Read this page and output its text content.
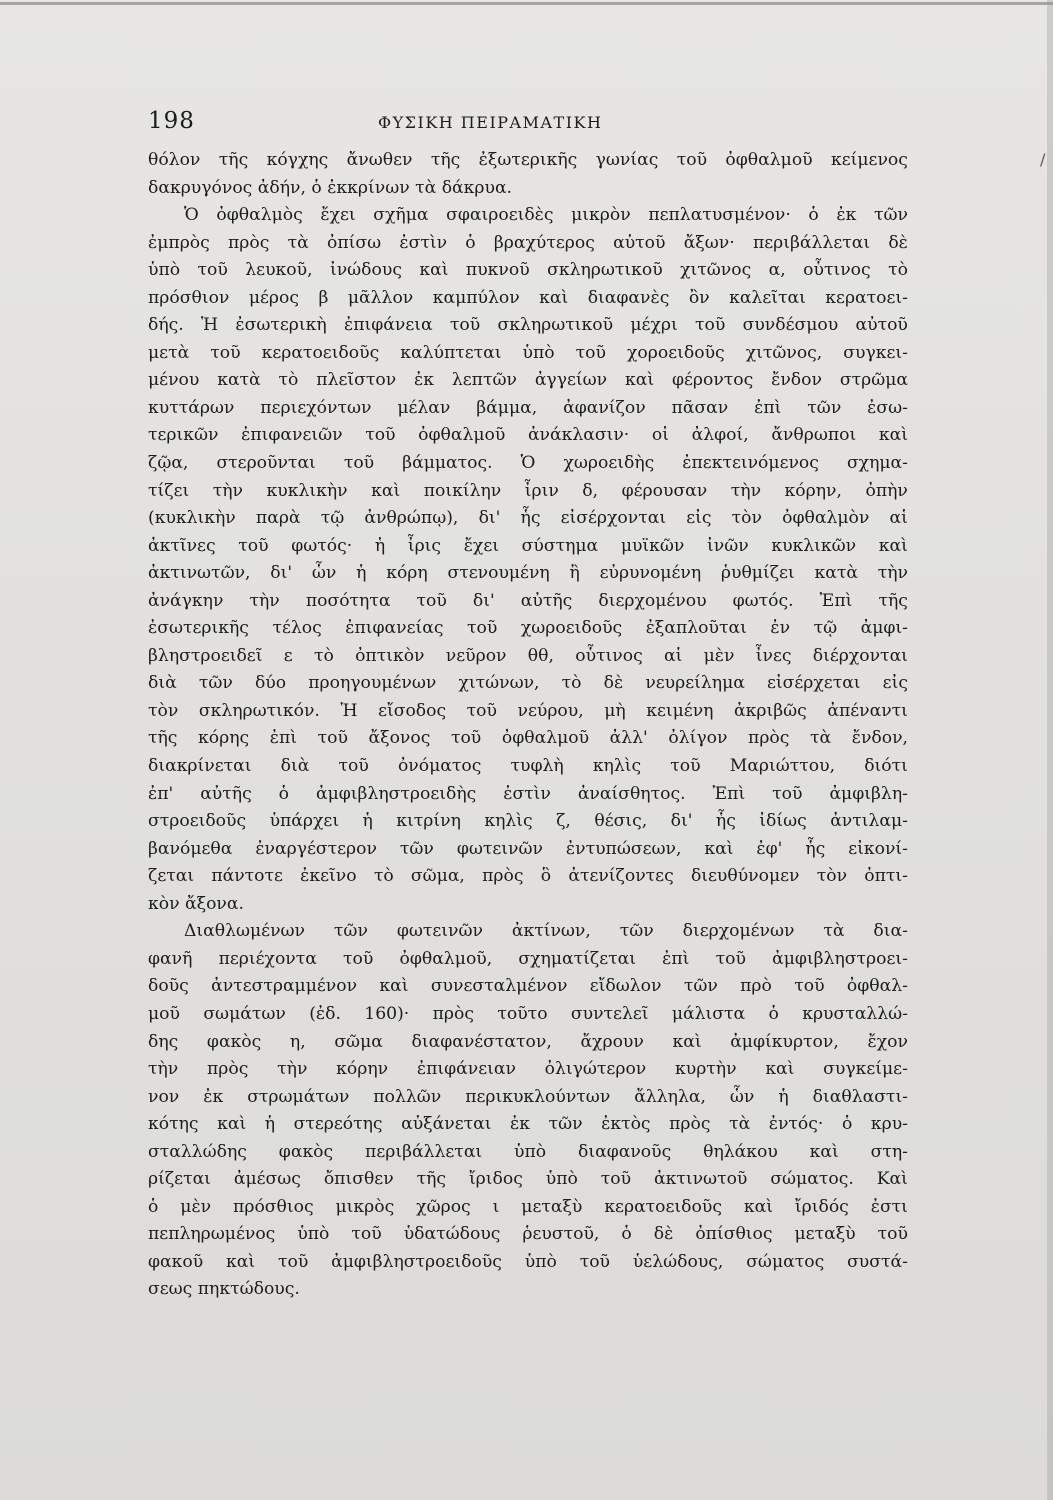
198	ΦΥΣΙΚΗ ΠΕΙΡΑΜΑΤΙΚΗ
/
θόλον τῆς κόγχης ἄνωθεν τῆς ἐξωτερικῆς γωνίας τοῦ ὀφθαλμοῦ κείμενος
δακρυγόνος ἀδήν, ὁ ἐκκρίνων τὰ δάκρυα.
Ὁ ὀφθαλμὸς ἔχει σχῆμα σφαιροειδὲς μικρὸν πεπλατυσμένον· ὁ ἐκ τῶν
ἐμπρὸς πρὸς τὰ ὀπίσω ἐστὶν ὁ βραχύτερος αὐτοῦ ἄξων· περιβάλλεται δὲ
ὑπὸ τοῦ λευκοῦ, ἰνώδους καὶ πυκνοῦ σκληρωτικοῦ χιτῶνος α, οὗτινος τὸ
πρόσθιον μέρος β μᾶλλον καμπύλον καὶ διαφανὲς ὂν καλεῖται κερατοει-
δής. Ἡ ἐσωτερικὴ ἐπιφάνεια τοῦ σκληρωτικοῦ μέχρι τοῦ συνδέσμου αὐτοῦ
μετὰ τοῦ κερατοειδοῦς καλύπτεται ὑπὸ τοῦ χοροειδοῦς χιτῶνος, συγκει-
μένου κατὰ τὸ πλεῖστον ἐκ λεπτῶν ἀγγείων καὶ φέροντος ἔνδον στρῶμα
κυττάρων περιεχόντων μέλαν βάμμα, ἀφανίζον πᾶσαν ἐπὶ τῶν ἐσω-
τερικῶν ἐπιφανειῶν τοῦ ὀφθαλμοῦ ἀνάκλασιν· οἱ ἀλφοί, ἄνθρωποι καὶ
ζῷα, στεροῦνται τοῦ βάμματος. Ὁ χωροειδὴς ἐπεκτεινόμενος σχημα-
τίζει τὴν κυκλικὴν καὶ ποικίλην ἶριν δ, φέρουσαν τὴν κόρην, ὀπὴν
(κυκλικὴν παρὰ τῷ ἀνθρώπῳ), δι' ἧς εἰσέρχονται εἰς τὸν ὀφθαλμὸν αἱ
ἀκτῖνες τοῦ φωτός· ἡ ἶρις ἔχει σύστημα μυϊκῶν ἰνῶν κυκλικῶν καὶ
ἀκτινωτῶν, δι' ὧν ἡ κόρη στενουμένη ἢ εὐρυνομένη ῥυθμίζει κατὰ τὴν
ἀνάγκην τὴν ποσότητα τοῦ δι' αὐτῆς διερχομένου φωτός. Ἐπὶ τῆς
ἐσωτερικῆς τέλος ἐπιφανείας τοῦ χωροειδοῦς ἐξαπλοῦται ἐν τῷ ἀμφι-
βληστροειδεῖ ε τὸ ὀπτικὸν νεῦρον θθ, οὗτινος αἱ μὲν ἶνες διέρχονται
διὰ τῶν δύο προηγουμένων χιτώνων, τὸ δὲ νευρείλημα εἰσέρχεται εἰς
τὸν σκληρωτικόν. Ἡ εἴσοδος τοῦ νεύρου, μὴ κειμένη ἀκριβῶς ἀπέναντι
τῆς κόρης ἐπὶ τοῦ ἄξονος τοῦ ὀφθαλμοῦ ἀλλ' ὀλίγον πρὸς τὰ ἔνδον,
διακρίνεται διὰ τοῦ ὀνόματος τυφλὴ κηλὶς τοῦ Μαριώττου, διότι
ἐπ' αὐτῆς ὁ ἀμφιβληστροειδὴς ἐστὶν ἀναίσθητος. Ἐπὶ τοῦ ἀμφιβλη-
στροειδοῦς ὑπάρχει ἡ κιτρίνη κηλὶς ζ, θέσις, δι' ἧς ἰδίως ἀντιλαμ-
βανόμεθα ἐναργέστερον τῶν φωτεινῶν ἐντυπώσεων, καὶ ἐφ' ἧς εἰκονί-
ζεται πάντοτε ἐκεῖνο τὸ σῶμα, πρὸς ὃ ἀτενίζοντες διευθύνομεν τὸν ὀπτι-
κὸν ἄξονα.
Διαθλωμένων τῶν φωτεινῶν ἀκτίνων, τῶν διερχομένων τὰ δια-
φανῆ περιέχοντα τοῦ ὀφθαλμοῦ, σχηματίζεται ἐπὶ τοῦ ἀμφιβληστροει-
δοῦς ἀντεστραμμένον καὶ συνεσταλμένον εἴδωλον τῶν πρὸ τοῦ ὀφθαλ-
μοῦ σωμάτων (ἐδ. 160)· πρὸς τοῦτο συντελεῖ μάλιστα ὁ κρυσταλλώ-
δης φακὸς η, σῶμα διαφανέστατον, ἄχρουν καὶ ἀμφίκυρτον, ἔχον
τὴν πρὸς τὴν κόρην ἐπιφάνειαν ὀλιγώτερον κυρτὴν καὶ συγκείμε-
νον ἐκ στρωμάτων πολλῶν περικυκλούντων ἄλληλα, ὧν ἡ διαθλαστι-
κότης καὶ ἡ στερεότης αὐξάνεται ἐκ τῶν ἐκτὸς πρὸς τὰ ἐντός· ὁ κρυ-
σταλλώδης φακὸς περιβάλλεται ὑπὸ διαφανοῦς θηλάκου καὶ στη-
ρίζεται ἀμέσως ὄπισθεν τῆς ἴριδος ὑπὸ τοῦ ἀκτινωτοῦ σώματος. Καὶ
ὁ μὲν πρόσθιος μικρὸς χῶρος ι μεταξὺ κερατοειδοῦς καὶ ἴριδός ἐστι
πεπληρωμένος ὑπὸ τοῦ ὑδατώδους ῥευστοῦ, ὁ δὲ ὀπίσθιος μεταξὺ τοῦ
φακοῦ καὶ τοῦ ἀμφιβληστροειδοῦς ὑπὸ τοῦ ὑελώδους, σώματος συστά-
σεως πηκτώδους.
